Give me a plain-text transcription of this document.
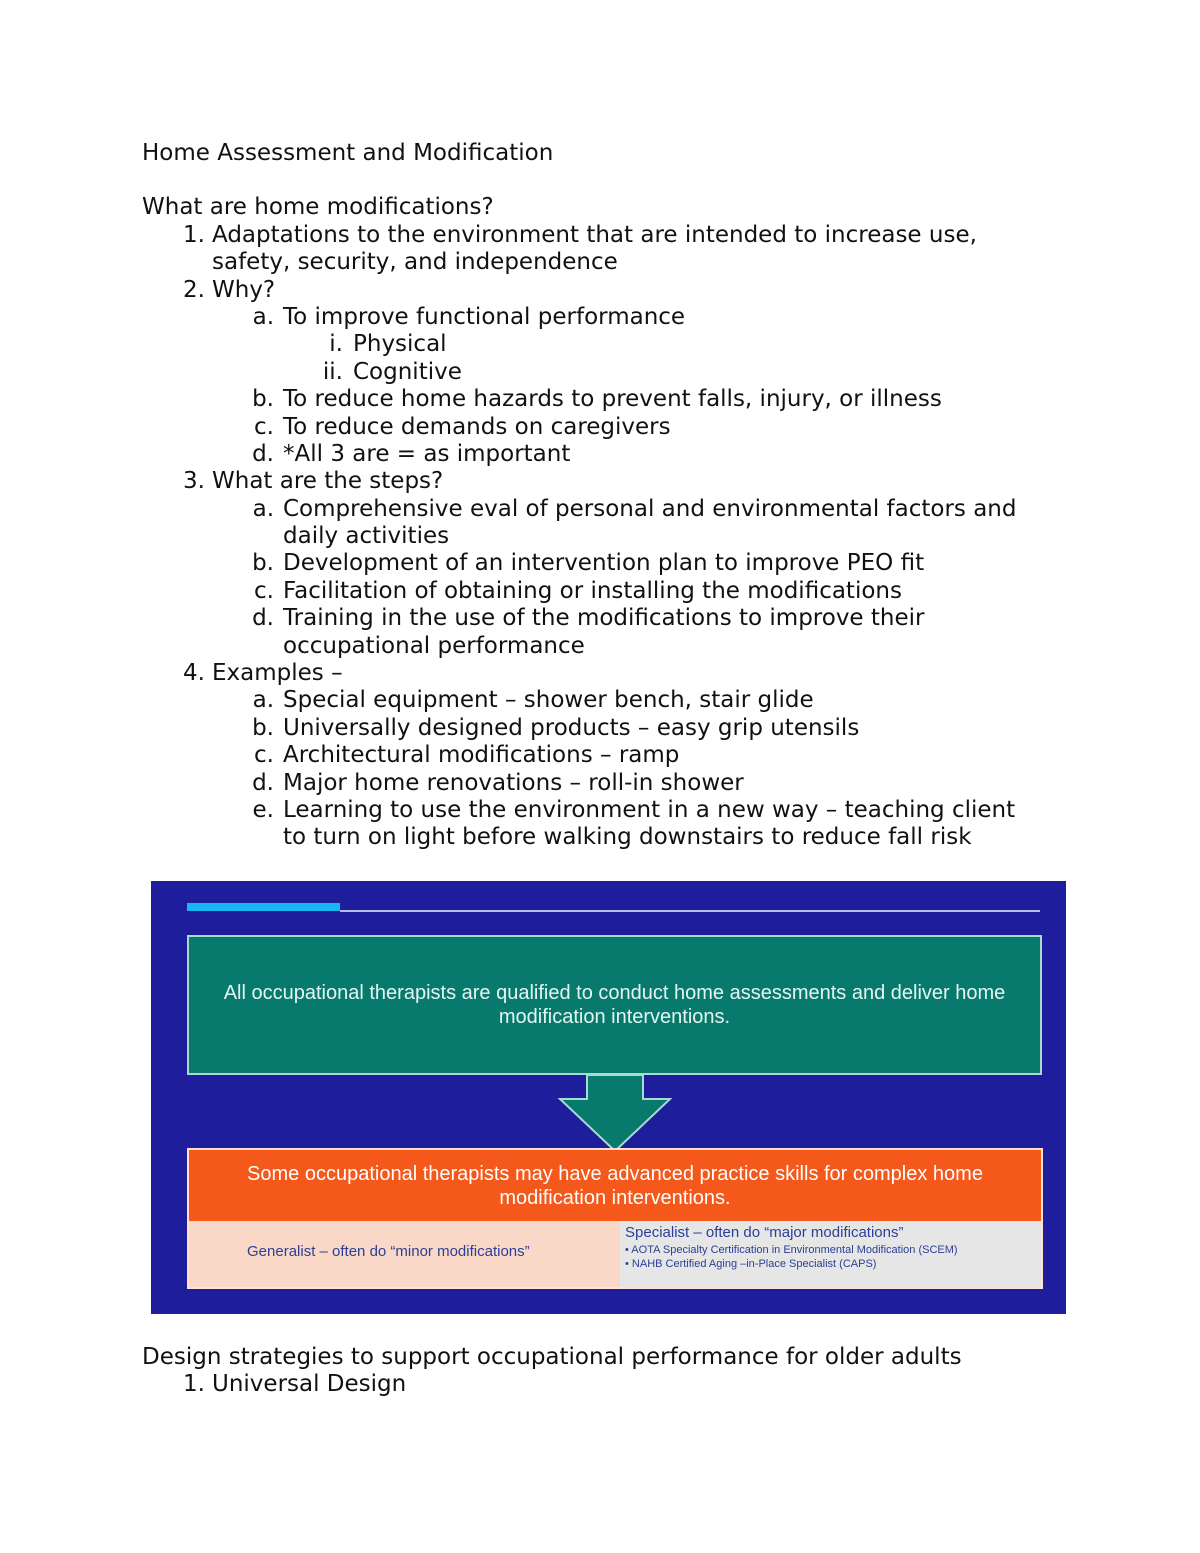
Home Assessment and Modification
What are home modifications?
1. Adaptations to the environment that are intended to increase use,
safety, security, and independence
2. Why?
a. To improve functional performance
i. Physical
ii. Cognitive
b. To reduce home hazards to prevent falls, injury, or illness
c. To reduce demands on caregivers
d. *All 3 are = as important
3. What are the steps?
a. Comprehensive eval of personal and environmental factors and
daily activities
b. Development of an intervention plan to improve PEO fit
c. Facilitation of obtaining or installing the modifications
d. Training in the use of the modifications to improve their
occupational performance
4. Examples –
a. Special equipment – shower bench, stair glide
b. Universally designed products – easy grip utensils
c. Architectural modifications – ramp
d. Major home renovations – roll-in shower
e. Learning to use the environment in a new way – teaching client
to turn on light before walking downstairs to reduce fall risk
All occupational therapists are qualified to conduct home assessments and deliver home modification interventions.
Some occupational therapists may have advanced practice skills for complex home modification interventions.
Generalist – often do “minor modifications”
Specialist – often do “major modifications”
• AOTA Specialty Certification in Environmental Modification (SCEM)
• NAHB Certified Aging –in-Place Specialist (CAPS)
Design strategies to support occupational performance for older adults
1. Universal Design
